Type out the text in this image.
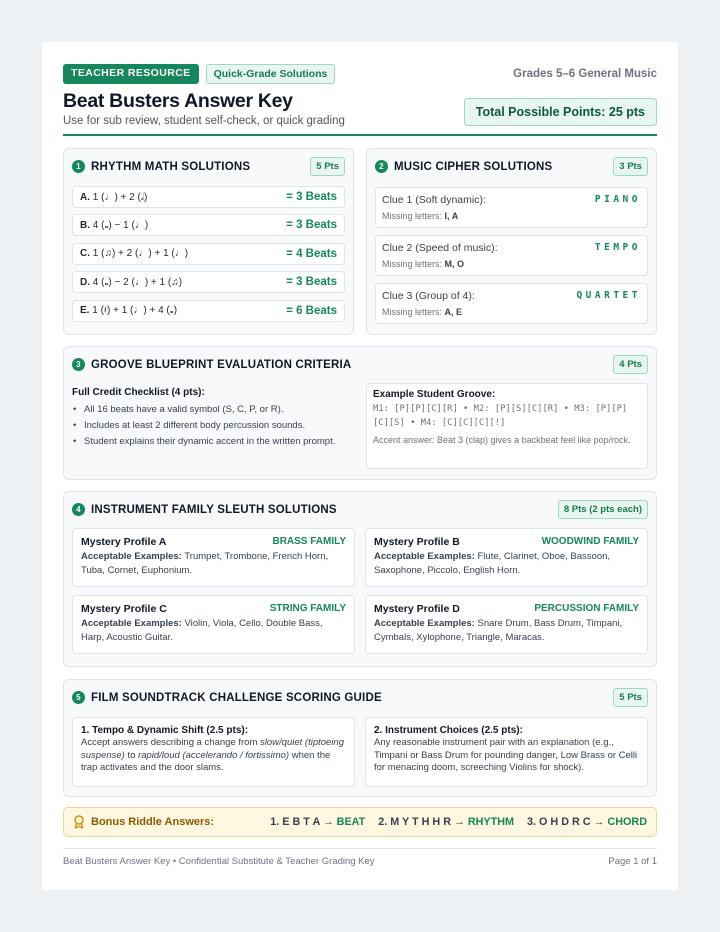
TEACHER RESOURCE	Quick-Grade Solutions	Grades 5–6 General Music
Beat Busters Answer Key
Use for sub review, student self-check, or quick grading
Total Possible Points: 25 pts
1 RHYTHM MATH SOLUTIONS	5 Pts
A. 1 (♩) + 2 (𝅗𝅥)	= 3 Beats
B. 4 (𝅝) − 1 (♩)	= 3 Beats
C. 1 (♫) + 2 (♩) + 1 (♩)	= 4 Beats
D. 4 (𝅝) − 2 (♩) + 1 (♫)	= 3 Beats
E. 1 (𝄽) + 1 (♩) + 4 (𝅝)	= 6 Beats
2 MUSIC CIPHER SOLUTIONS	3 Pts
Clue 1 (Soft dynamic):	PIANO
Missing letters: I, A
Clue 2 (Speed of music):	TEMPO
Missing letters: M, O
Clue 3 (Group of 4):	QUARTET
Missing letters: A, E
3 GROOVE BLUEPRINT EVALUATION CRITERIA	4 Pts
Full Credit Checklist (4 pts):
• All 16 beats have a valid symbol (S, C, P, or R).
• Includes at least 2 different body percussion sounds.
• Student explains their dynamic accent in the written prompt.
Example Student Groove:
M1: [P][P][C][R] • M2: [P][S][C][R] • M3: [P][P]
[C][S] • M4: [C][C][C][!]
Accent answer: Beat 3 (clap) gives a backbeat feel like pop/rock.
4 INSTRUMENT FAMILY SLEUTH SOLUTIONS	8 Pts (2 pts each)
Mystery Profile A	BRASS FAMILY
Acceptable Examples: Trumpet, Trombone, French Horn, Tuba, Cornet, Euphonium.
Mystery Profile B	WOODWIND FAMILY
Acceptable Examples: Flute, Clarinet, Oboe, Bassoon, Saxophone, Piccolo, English Horn.
Mystery Profile C	STRING FAMILY
Acceptable Examples: Violin, Viola, Cello, Double Bass, Harp, Acoustic Guitar.
Mystery Profile D	PERCUSSION FAMILY
Acceptable Examples: Snare Drum, Bass Drum, Timpani, Cymbals, Xylophone, Triangle, Maracas.
5 FILM SOUNDTRACK CHALLENGE SCORING GUIDE	5 Pts
1. Tempo & Dynamic Shift (2.5 pts):
Accept answers describing a change from slow/quiet (tiptoeing suspense) to rapid/loud (accelerando / fortissimo) when the trap activates and the door slams.
2. Instrument Choices (2.5 pts):
Any reasonable instrument pair with an explanation (e.g., Timpani or Bass Drum for pounding danger, Low Brass or Celli for menacing doom, screeching Violins for shock).
Bonus Riddle Answers:	1. E B T A → BEAT 2. M Y T H H R → RHYTHM 3. O H D R C → CHORD
Beat Busters Answer Key • Confidential Substitute & Teacher Grading Key	Page 1 of 1
